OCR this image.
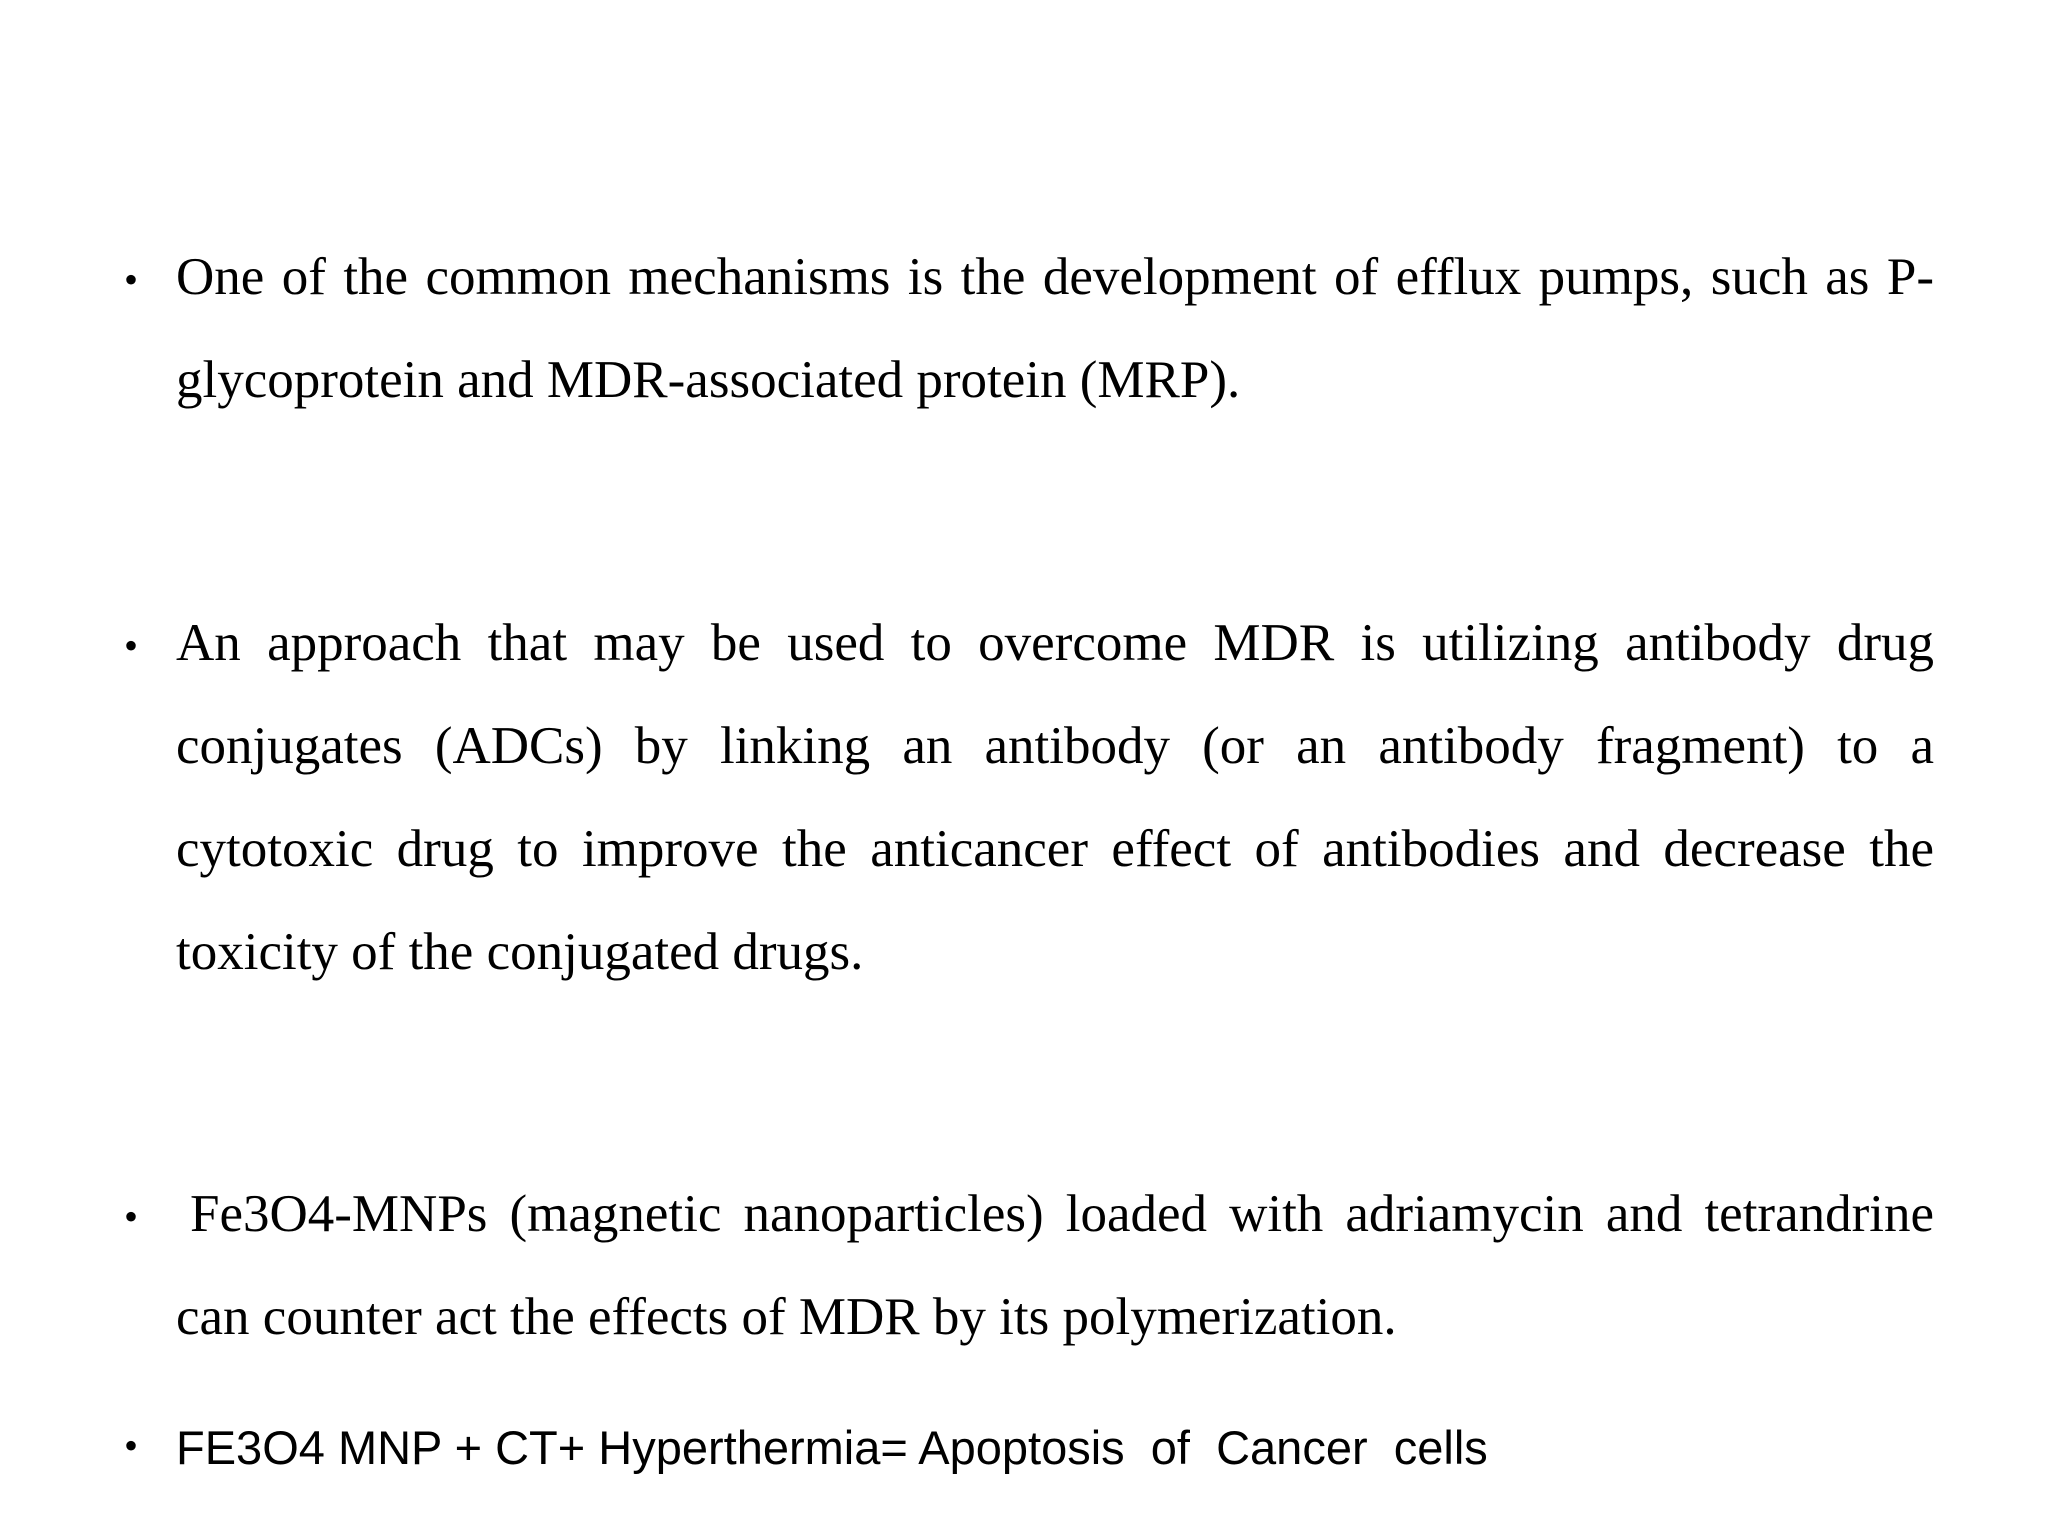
• One of the common mechanisms is the development of efflux pumps, such as P-glycoprotein and MDR-associated protein (MRP).

• An approach that may be used to overcome MDR is utilizing antibody drug conjugates (ADCs) by linking an antibody (or an antibody fragment) to a cytotoxic drug to improve the anticancer effect of antibodies and decrease the toxicity of the conjugated drugs.

• Fe3O4-MNPs (magnetic nanoparticles) loaded with adriamycin and tetrandrine can counter act the effects of MDR by its polymerization.

• FE3O4 MNP + CT+ Hyperthermia= Apoptosis  of  Cancer  cells
